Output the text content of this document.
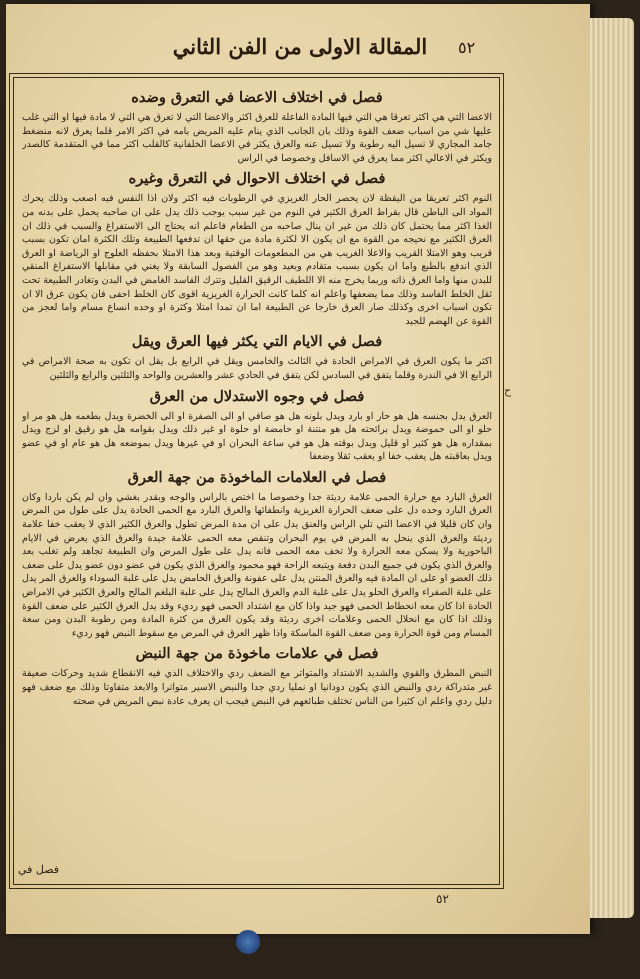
المقالة الاولى من الفن الثاني	٥٢
فصل في اختلاف الاعضا في التعرق وضده
الاعضا التي هي اكثر تعرقا هي التي فيها المادة الفاعلة للعرق اكثر والاعضا التي لا تعرق هي التي لا مادة فيها او التي غلب عليها شي من اسباب ضعف القوة وذلك بان الجانب الذي ينام عليه المريض بامه في اكثر الامر قلما يعرق لانه منضغط جامد المجاري لا تسيل اليه رطوبة ولا تسيل عنه والعرق يكثر في الاعضا الخلفانية كالقلب اكثر مما في المتقدمة كالصدر ويكثر في الاعالي اكثر مما يعرق في الاسافل وخصوصا في الراس
فصل في اختلاف الاحوال في التعرق وغيره
النوم اكثر تعريقا من اليقظة لان يحصر الحار الغريزي في الرطوبات فيه اكثر ولان اذا النفس فيه اصعب وذلك يحرك المواد الى الباطن قال بقراط العرق الكثير في النوم من غير سبب يوجب ذلك يدل على ان صاحبه يحمل على بدنه من الغذا اكثر مما يحتمل كان ذلك من غير ان ينال صاحبه من الطعام فاعلم انه يحتاج الى الاستفراغ والسبب في ذلك ان العرق الكثير مع نحيجه من القوة مع ان يكون الا لكثرة مادة من حقها ان تدفعها الطبيعة وتلك الكثرة امان تكون بسبب قريب وهو الامتلا القريب والاعلا الغريب هي من المطعومات الوقتية وبعد هذا الامتلا بحفظه العلوج او الرياضة او العرق الذي اندفع بالطبع واما ان يكون بسبب متقادم وبعيد وهو من الفصول السابقة ولا يغني في مقابلها الاستفراغ المنقي للبدن منها واما العرق ذاته وربما يخرج منه الا اللطيف الرقيق القليل وتترك القاسد الغامض في البدن وتغادر الطبيعة تحت ثقل الخلط الفاسد وذلك مما يضعفها واعلم انه كلما كانت الحرارة الغريزية اقوى كان الخلط احفى فان يكون عرق الا ان تكون اسباب اخرى وكذلك صار العرق خارجا عن الطبيعة اما ان تمدا امتلا وكثرة او وحده انساع مسام واما لعجز من القوة عن الهضم للجيد
فصل في الايام التي يكثر فيها العرق ويقل
اكثر ما يكون العرق في الامراض الحادة في الثالث والخامس ويقل في الرابع بل يقل ان تكون به صحة الامراض في الرابع الا في الندرة وقلما يتفق في السادس لكن يتفق في الحادي عشر والعشرين والواحد والثلثين والرابع والثلثين
فصل في وجوه الاستدلال من العرق
العرق يدل بجنسه هل هو حار او بارد ويدل بلونه هل هو صافي او الى الصفرة او الى الخضرة ويدل بطعمه هل هو مر او حلو او الى حموضة ويدل برائحته هل هو منتنة او حامضة او حلوة او غير ذلك ويدل بقوامه هل هو رقيق او لزج ويدل بمقداره هل هو كثير او قليل ويدل بوقته هل هو في ساعة البحران او في غيرها ويدل بموضعه هل هو عام او في عضو ويدل بعاقبته هل يعقب خفا او يعقب ثقلا وضعفا
فصل في العلامات الماخوذة من جهة العرق
العرق البارد مع حرارة الحمى علامة رديئة جدا وخصوصا ما اختص بالراس والوجه وبقدر بغشي وان لم يكن باردا وكان العرق البارد وحده دل على ضعف الحرارة الغريزية وانطفائها والعرق البارد مع الحمى الحادة يدل على طول من المرض وان كان قليلا في الاعضا التي تلي الراس والعنق يدل على ان مدة المرض تطول والعرق الكثير الذي لا يعقب خفا علامة رديئة والعرق الذي ينحل به المرض في يوم البحران وتنقص معه الحمى علامة جيدة والعرق الذي يعرض في الايام الباحورية ولا يسكن معه الحرارة ولا تخف معه الحمى فانه يدل على طول المرض وان الطبيعة تجاهد ولم تغلب بعد والعرق الذي يكون في جميع البدن دفعة ويتبعه الراحة فهو محمود والعرق الذي يكون في عضو دون عضو يدل على ضعف ذلك العضو او على ان المادة فيه والعرق المنتن يدل على عفونة والعرق الحامض يدل على غلبة السوداء والعرق المر يدل على غلبة الصفراء والعرق الحلو يدل على غلبة الدم والعرق المالح يدل على غلبة البلغم المالح والعرق الكثير في الامراض الحادة اذا كان معه انحطاط الحمى فهو جيد واذا كان مع اشتداد الحمى فهو رديء وقد يدل العرق الكثير على ضعف القوة وذلك اذا كان مع انحلال الحمى وعلامات اخرى رديئة وقد يكون العرق من كثرة المادة ومن رطوبة البدن ومن سعة المسام ومن قوة الحرارة ومن ضعف القوة الماسكة واذا ظهر العرق في المرض مع سقوط النبض فهو رديء
فصل في علامات ماخوذة من جهة النبض
النبض المطرق والقوي والشديد الاشتداد والمتواتر مع الضعف ردي والاختلاف الذي فيه الانقطاع شديد وحركات ضعيفة غير متدراكة ردي والنبض الذي يكون دودانيا او نمليا ردي جدا والنبض الاسير متواترا والابعد متفاوتا وذلك مع ضعف فهو دليل ردي واعلم ان كثيرا من الناس تختلف طبائعهم في النبض فيجب ان يعرف عادة نبض المريض في صحته
ح
فصل في
٥٢
